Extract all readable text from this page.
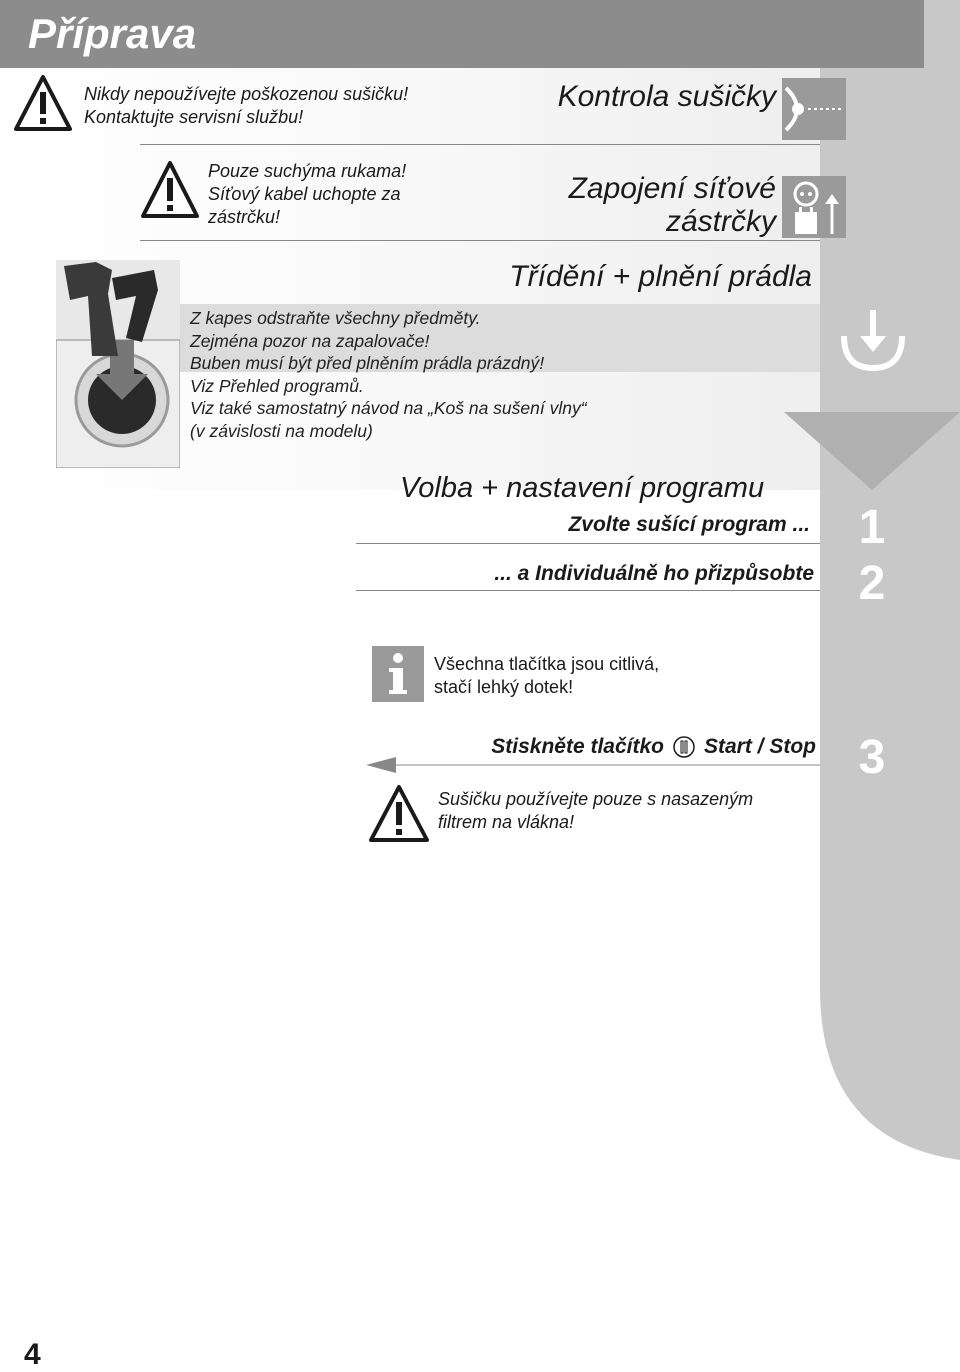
Příprava
Nikdy nepoužívejte poškozenou sušičku!
Kontaktujte servisní službu!
Kontrola sušičky
Pouze suchýma rukama!
Síťový kabel uchopte za
zástrčku!
Zapojení síťové
zástrčky
Třídění + plnění prádla
Z kapes odstraňte všechny předměty.
Zejména pozor na zapalovače!
Buben musí být před plněním prádla prázdný!
Viz Přehled programů.
Viz také samostatný návod na „Koš na sušení vlny“
(v závislosti na modelu)
Volba + nastavení programu
Zvolte sušící program ...
... a Individuálně ho přizpůsobte
1
2
Všechna tlačítka jsou citlivá,
stačí lehký dotek!
Stiskněte tlačítko Start / Stop 3
Sušičku používejte pouze s nasazeným
filtrem na vlákna!
4
